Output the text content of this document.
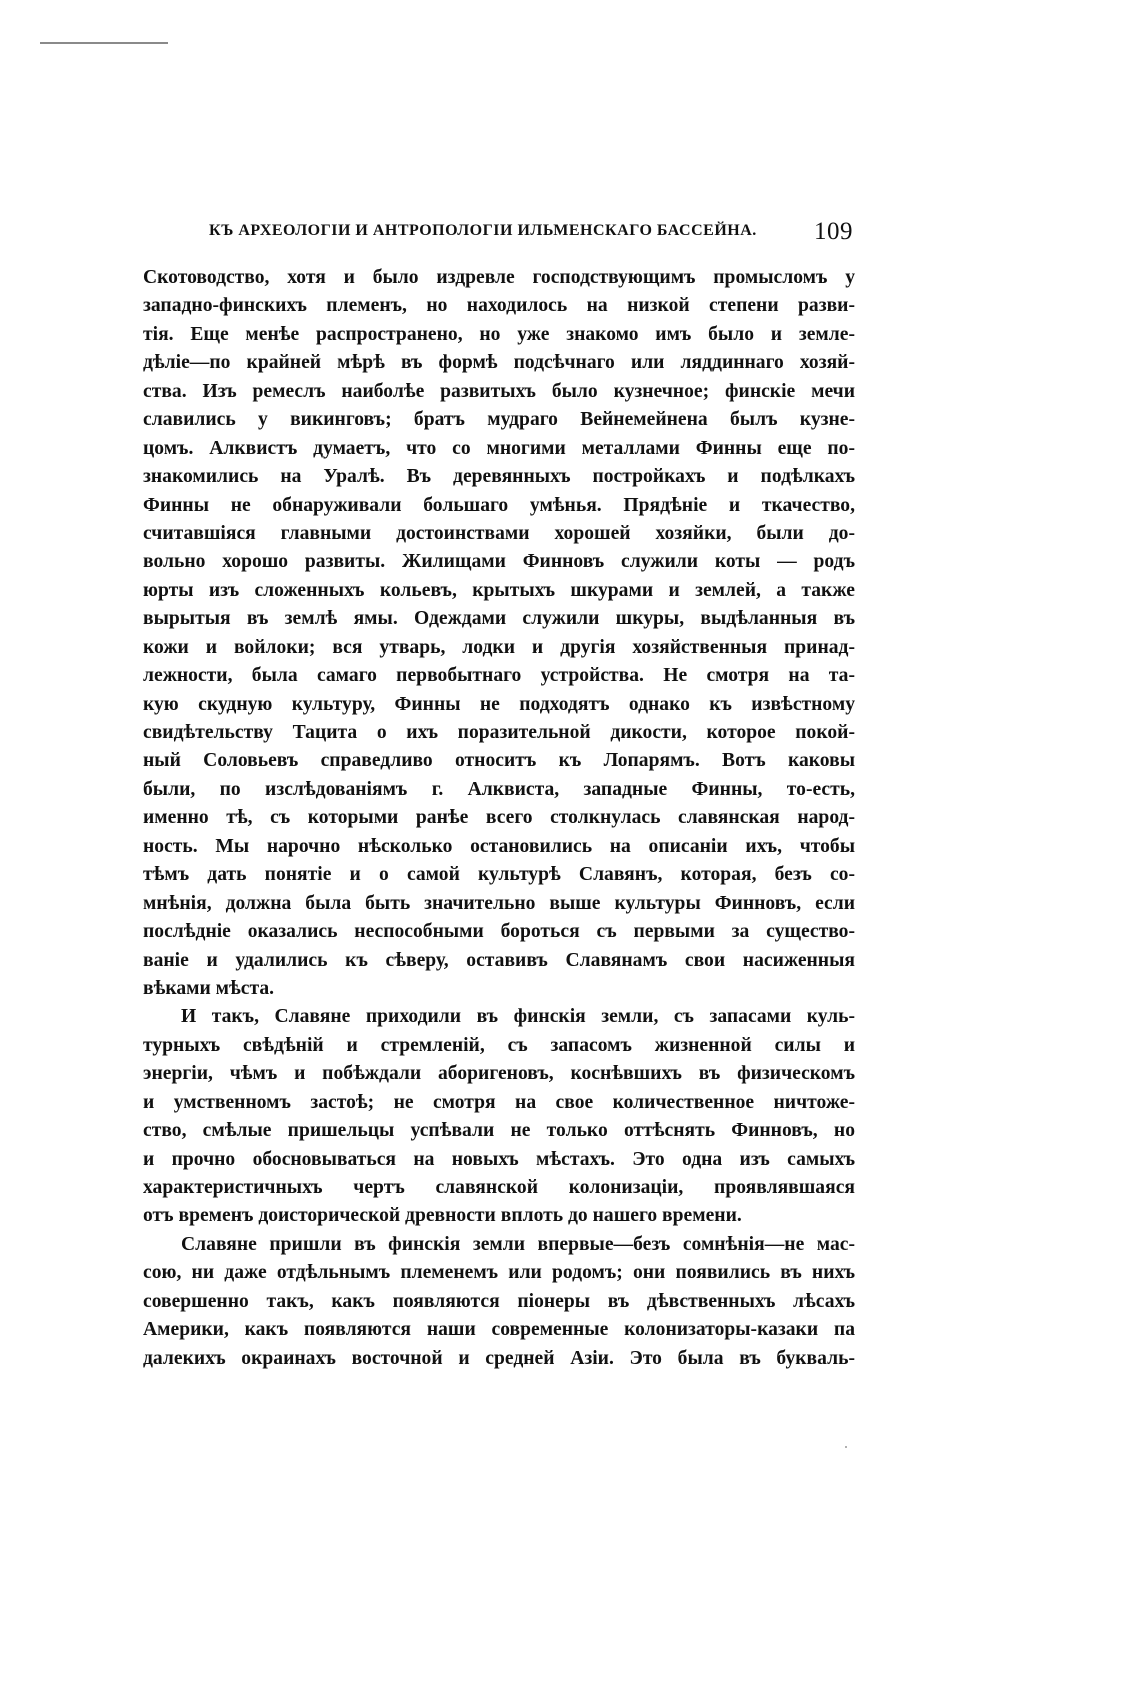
КЪ АРХЕОЛОГІИ И АНТРОПОЛОГІИ ИЛЬМЕНСКАГО БАССЕЙНА. 109
Скотоводство, хотя и было издревле господствующимъ промысломъ у
западно-финскихъ племенъ, но находилось на низкой степени разви-
тія. Еще менѣе распространено, но уже знакомо имъ было и земле-
дѣліе—по крайней мѣрѣ въ формѣ подсѣчнаго или ляддиннаго хозяй-
ства. Изъ ремеслъ наиболѣе развитыхъ было кузнечное; финскіе мечи
славились у викинговъ; братъ мудраго Вейнемейнена былъ кузне-
цомъ. Алквистъ думаетъ, что со многими металлами Финны еще по-
знакомились на Уралѣ. Въ деревянныхъ постройкахъ и подѣлкахъ
Финны не обнаруживали большаго умѣнья. Прядѣніе и ткачество,
считавшіяся главными достоинствами хорошей хозяйки, были до-
вольно хорошо развиты. Жилищами Финновъ служили коты — родъ
юрты изъ сложенныхъ кольевъ, крытыхъ шкурами и землей, а также
вырытыя въ землѣ ямы. Одеждами служили шкуры, выдѣланныя въ
кожи и войлоки; вся утварь, лодки и другія хозяйственныя принад-
лежности, была самаго первобытнаго устройства. Не смотря на та-
кую скудную культуру, Финны не подходятъ однако къ извѣстному
свидѣтельству Тацита о ихъ поразительной дикости, которое покой-
ный Соловьевъ справедливо относитъ къ Лопарямъ. Вотъ каковы
были, по изслѣдованіямъ г. Алквиста, западные Финны, то-есть,
именно тѣ, съ которыми ранѣе всего столкнулась славянская народ-
ность. Мы нарочно нѣсколько остановились на описаніи ихъ, чтобы
тѣмъ дать понятіе и о самой культурѣ Славянъ, которая, безъ со-
мнѣнія, должна была быть значительно выше культуры Финновъ, если
послѣдніе оказались неспособными бороться съ первыми за существо-
ваніе и удалились къ сѣверу, оставивъ Славянамъ свои насиженныя
вѣками мѣста.
И такъ, Славяне приходили въ финскія земли, съ запасами куль-
турныхъ свѣдѣній и стремленій, съ запасомъ жизненной силы и
энергіи, чѣмъ и побѣждали аборигеновъ, коснѣвшихъ въ физическомъ
и умственномъ застоѣ; не смотря на свое количественное ничтоже-
ство, смѣлые пришельцы успѣвали не только оттѣснять Финновъ, но
и прочно обосновываться на новыхъ мѣстахъ. Это одна изъ самыхъ
характеристичныхъ чертъ славянской колонизаціи, проявлявшаяся
отъ временъ доисторической древности вплоть до нашего времени.
Славяне пришли въ финскія земли впервые—безъ сомнѣнія—не мас-
сою, ни даже отдѣльнымъ племенемъ или родомъ; они появились въ нихъ
совершенно такъ, какъ появляются піонеры въ дѣвственныхъ лѣсахъ
Америки, какъ появляются наши современные колонизаторы-казаки па
далекихъ окраинахъ восточной и средней Азіи. Это была въ букваль-
